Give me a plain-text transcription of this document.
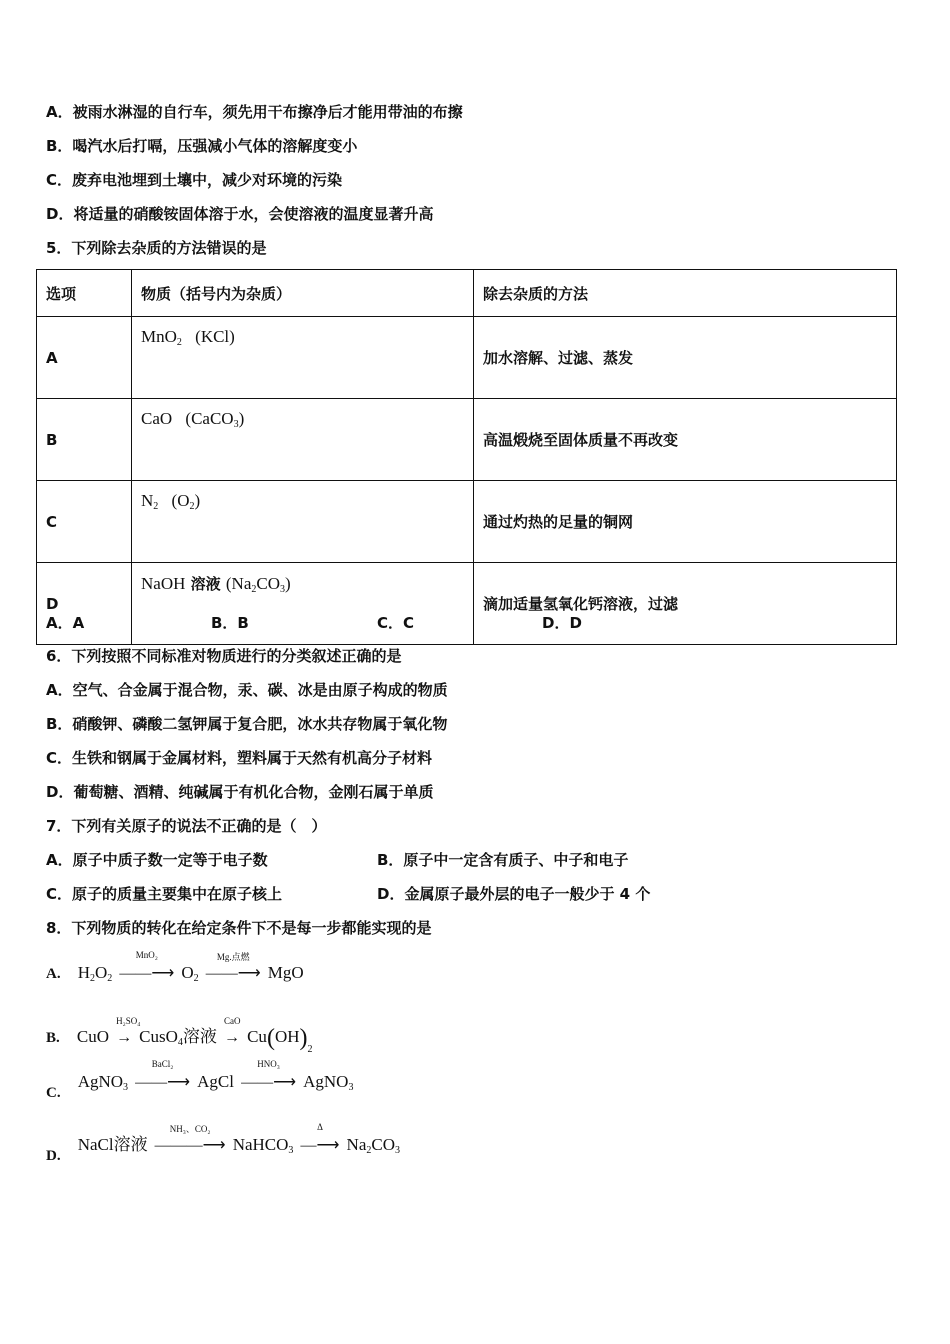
A．被雨水淋湿的自行车，须先用干布擦净后才能用带油的布擦
B．喝汽水后打嗝，压强减小气体的溶解度变小
C．废弃电池埋到土壤中，减少对环境的污染
D．将适量的硝酸铵固体溶于水，会使溶液的温度显著升高
5．下列除去杂质的方法错误的是
选项	物质（括号内为杂质）	除去杂质的方法
A	MnO$_2$ (KCl)	加水溶解、过滤、蒸发
B	CaO (CaCO$_3$)	高温煅烧至固体质量不再改变
C	$N_2$ $(O_2)$	通过灼热的足量的铜网
D	NaOH 溶液 $(Na_2CO_3)$	滴加适量氢氧化钙溶液，过滤
A．A	B．B	C．C	D．D
6．下列按照不同标准对物质进行的分类叙述正确的是
A．空气、合金属于混合物，汞、碳、冰是由原子构成的物质
B．硝酸钾、磷酸二氢钾属于复合肥，冰水共存物属于氧化物
C．生铁和钢属于金属材料，塑料属于天然有机高分子材料
D．葡萄糖、酒精、纯碱属于有机化合物，金刚石属于单质
7．下列有关原子的说法不正确的是（　）
A．原子中质子数一定等于电子数	B．原子中一定含有质子、中子和电子
C．原子的质量主要集中在原子核上	D．金属原子最外层的电子一般少于 4 个
8．下列物质的转化在给定条件下不是每一步都能实现的是
A. $H_2O_2$
MnO₂
——⟶ $O_2$
Mg.点燃
——⟶ MgO
B. CuO
H₂SO₄
→ CusO$_4$溶液
CaO
→ $Cu(OH)_2$
C. AgNO$_3$
BaCl₂
——⟶ AgCl
HNO₃
——⟶ AgNO$_3$
D. NaCl溶液
NH₃、CO₂
———⟶ NaHCO$_3$
Δ
—⟶ $Na_2CO_3$
